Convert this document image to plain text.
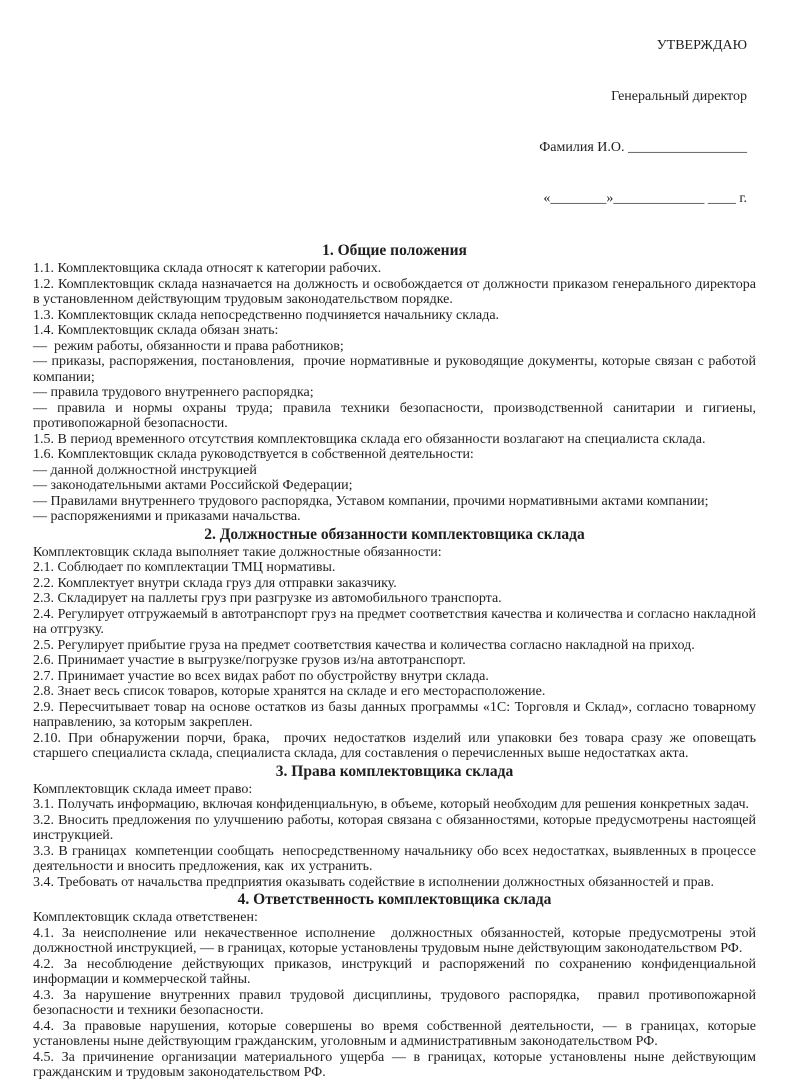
УТВЕРЖДАЮ

Генеральный директор

Фамилия И.О. _________________

«________»_____________ ____ г.

1. Общие положения

1.1. Комплектовщика склада относят к категории рабочих.

1.2. Комплектовщик склада назначается на должность и освобождается от должности приказом генерального директора в установленном действующим трудовым законодательством порядке.

1.3. Комплектовщик склада непосредственно подчиняется начальнику склада.

1.4. Комплектовщик склада обязан знать:

—  режим работы, обязанности и права работников;

— приказы, распоряжения, постановления,  прочие нормативные и руководящие документы, которые связан с работой компании;

— правила трудового внутреннего распорядка;

— правила и нормы охраны труда; правила техники безопасности, производственной санитарии и гигиены, противопожарной безопасности.

1.5. В период временного отсутствия комплектовщика склада его обязанности возлагают на специалиста склада.

1.6. Комплектовщик склада руководствуется в собственной деятельности:

— данной должностной инструкцией

— законодательными актами Российской Федерации;

— Правилами внутреннего трудового распорядка, Уставом компании, прочими нормативными актами компании;

— распоряжениями и приказами начальства.

2. Должностные обязанности комплектовщика склада

Комплектовщик склада выполняет такие должностные обязанности:

2.1. Соблюдает по комплектации ТМЦ нормативы.

2.2. Комплектует внутри склада груз для отправки заказчику.

2.3. Складирует на паллеты груз при разгрузке из автомобильного транспорта.

2.4. Регулирует отгружаемый в автотранспорт груз на предмет соответствия качества и количества и согласно накладной на отгрузку.

2.5. Регулирует прибытие груза на предмет соответствия качества и количества согласно накладной на приход.

2.6. Принимает участие в выгрузке/погрузке грузов из/на автотранспорт.

2.7. Принимает участие во всех видах работ по обустройству внутри склада.

2.8. Знает весь список товаров, которые хранятся на складе и его месторасположение.

2.9. Пересчитывает товар на основе остатков из базы данных программы «1С: Торговля и Склад», согласно товарному направлению, за которым закреплен.

2.10. При обнаружении порчи, брака,  прочих недостатков изделий или упаковки без товара сразу же оповещать старшего специалиста склада, специалиста склада, для составления о перечисленных выше недостатках акта.

3. Права комплектовщика склада

Комплектовщик склада имеет право:

3.1. Получать информацию, включая конфиденциальную, в объеме, который необходим для решения конкретных задач.

3.2. Вносить предложения по улучшению работы, которая связана с обязанностями, которые предусмотрены настоящей инструкцией.

3.3. В границах  компетенции сообщать  непосредственному начальнику обо всех недостатках, выявленных в процессе деятельности и вносить предложения, как  их устранить.

3.4. Требовать от начальства предприятия оказывать содействие в исполнении должностных обязанностей и прав.

4. Ответственность комплектовщика склада

Комплектовщик склада ответственен:

4.1. За неисполнение или некачественное исполнение  должностных обязанностей, которые предусмотрены этой должностной инструкцией, — в границах, которые установлены трудовым ныне действующим законодательством РФ.

4.2. За несоблюдение действующих приказов, инструкций и распоряжений по сохранению конфиденциальной информации и коммерческой тайны.

4.3. За нарушение внутренних правил трудовой дисциплины, трудового распорядка,  правил противопожарной безопасности и техники безопасности.

4.4. За правовые нарушения, которые совершены во время собственной деятельности, — в границах, которые установлены ныне действующим гражданским, уголовным и административным законодательством РФ.

4.5. За причинение организации материального ущерба — в границах, которые установлены ныне действующим гражданским и трудовым законодательством РФ.
